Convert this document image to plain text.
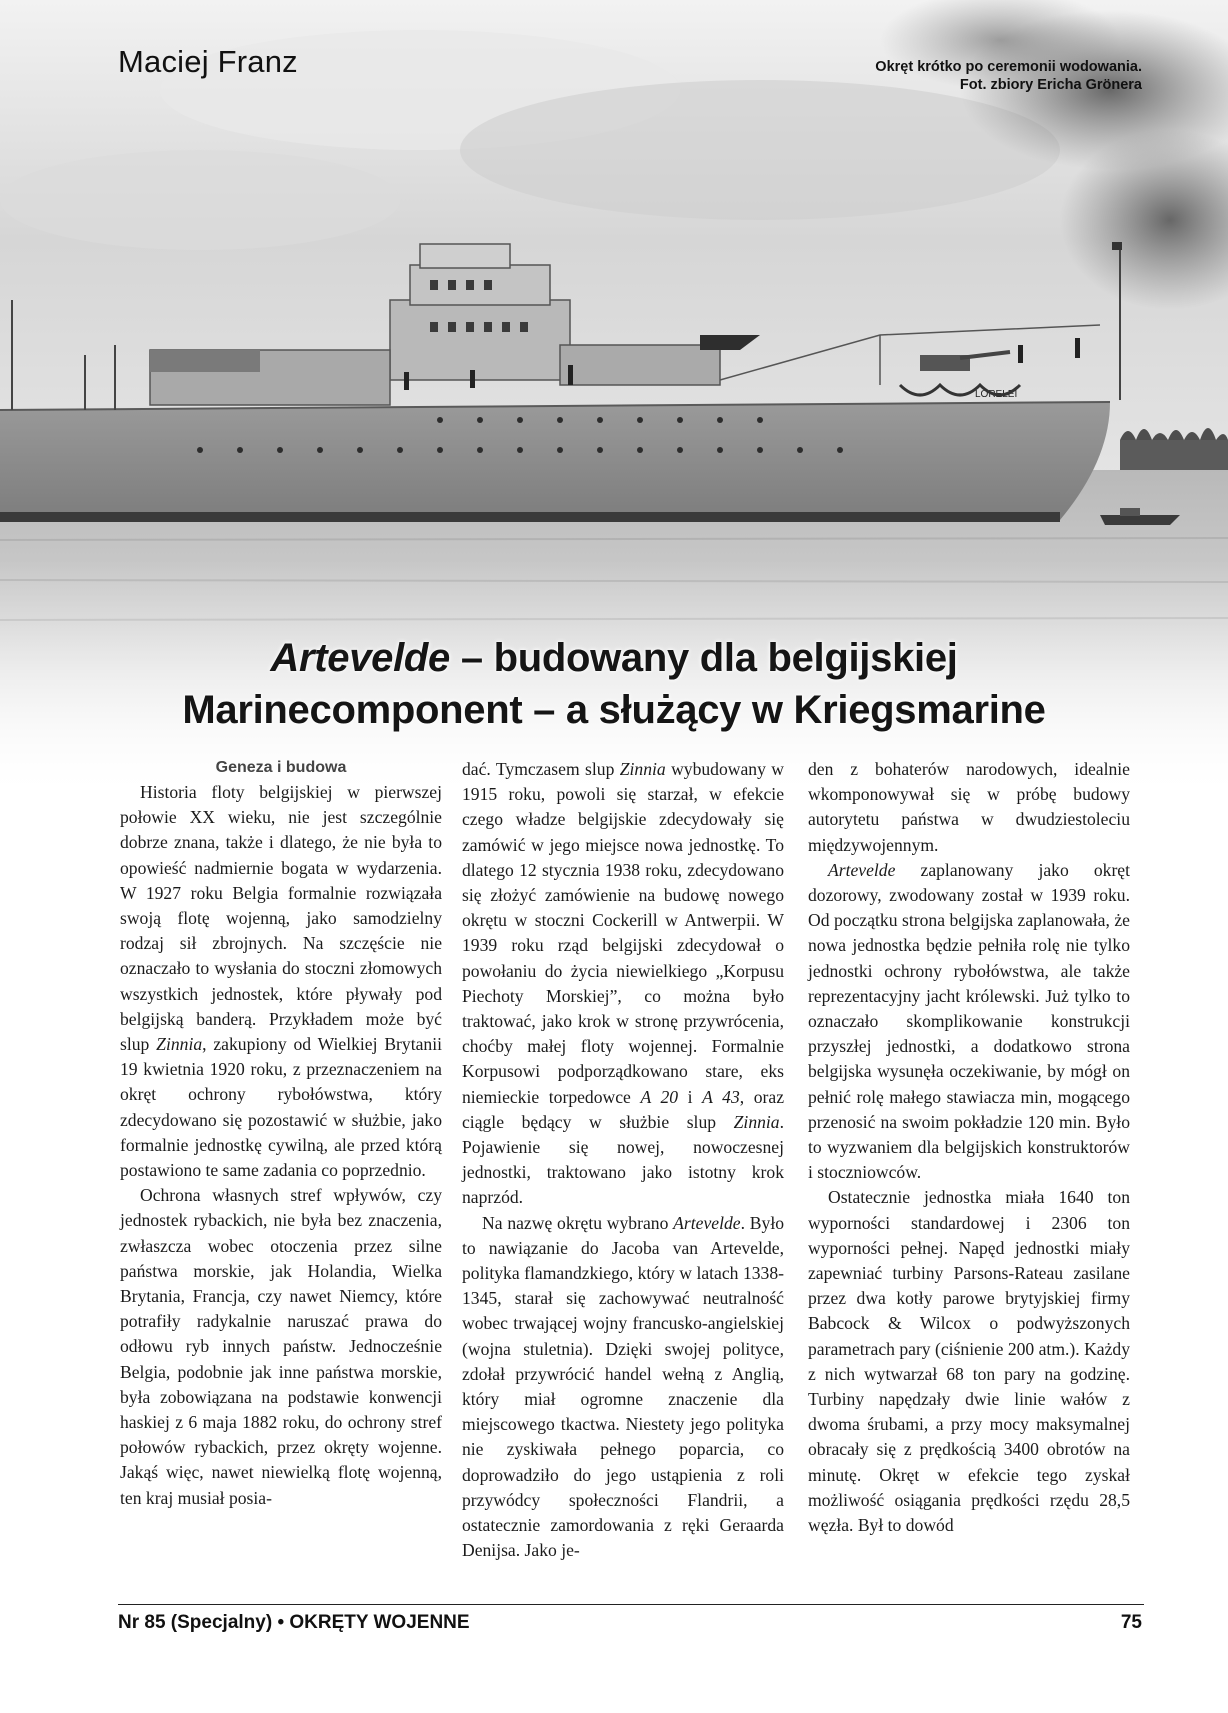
LORELEI
Maciej Franz	Okręt krótko po ceremonii wodowania.
Fot. zbiory Ericha Grönera
Artevelde – budowany dla belgijskiej
Marinecomponent – a służący w Kriegsmarine
Geneza i budowa

Historia floty belgijskiej w pierwszej połowie XX wieku, nie jest szczególnie dobrze znana, także i dlatego, że nie była to opowieść nadmiernie bogata w wydarzenia. W 1927 roku Belgia formalnie rozwiązała swoją flotę wojenną, jako samodzielny rodzaj sił zbrojnych. Na szczęście nie oznaczało to wysłania do stoczni złomowych wszystkich jednostek, które pływały pod belgijską banderą. Przykładem może być slup Zinnia, zakupiony od Wielkiej Brytanii 19 kwietnia 1920 roku, z przeznaczeniem na okręt ochrony rybołówstwa, który zdecydowano się pozostawić w służbie, jako formalnie jednostkę cywilną, ale przed którą postawiono te same zadania co poprzednio.

Ochrona własnych stref wpływów, czy jednostek rybackich, nie była bez znaczenia, zwłaszcza wobec otoczenia przez silne państwa morskie, jak Holandia, Wielka Brytania, Francja, czy nawet Niemcy, które potrafiły radykalnie naruszać prawa do odłowu ryb innych państw. Jednocześnie Belgia, podobnie jak inne państwa morskie, była zobowiązana na podstawie konwencji haskiej z 6 maja 1882 roku, do ochrony stref połowów rybackich, przez okręty wojenne. Jakąś więc, nawet niewielką flotę wojenną, ten kraj musiał posia-

dać. Tymczasem slup Zinnia wybudowany w 1915 roku, powoli się starzał, w efekcie czego władze belgijskie zdecydowały się zamówić w jego miejsce nowa jednostkę. To dlatego 12 stycznia 1938 roku, zdecydowano się złożyć zamówienie na budowę nowego okrętu w stoczni Cockerill w Antwerpii. W 1939 roku rząd belgijski zdecydował o powołaniu do życia niewielkiego „Korpusu Piechoty Morskiej”, co można było traktować, jako krok w stronę przywrócenia, choćby małej floty wojennej. Formalnie Korpusowi podporządkowano stare, eks niemieckie torpedowce A 20 i A 43, oraz ciągle będący w służbie slup Zinnia. Pojawienie się nowej, nowoczesnej jednostki, traktowano jako istotny krok naprzód.

Na nazwę okrętu wybrano Artevelde. Było to nawiązanie do Jacoba van Artevelde, polityka flamandzkiego, który w latach 1338-1345, starał się zachowywać neutralność wobec trwającej wojny francusko-angielskiej (wojna stuletnia). Dzięki swojej polityce, zdołał przywrócić handel wełną z Anglią, który miał ogromne znaczenie dla miejscowego tkactwa. Niestety jego polityka nie zyskiwała pełnego poparcia, co doprowadziło do jego ustąpienia z roli przywódcy społeczności Flandrii, a ostatecznie zamordowania z ręki Geraarda Denijsa. Jako je-

den z bohaterów narodowych, idealnie wkomponowywał się w próbę budowy autorytetu państwa w dwudziestoleciu międzywojennym.

Artevelde zaplanowany jako okręt dozorowy, zwodowany został w 1939 roku. Od początku strona belgijska zaplanowała, że nowa jednostka będzie pełniła rolę nie tylko jednostki ochrony rybołówstwa, ale także reprezentacyjny jacht królewski. Już tylko to oznaczało skomplikowanie konstrukcji przyszłej jednostki, a dodatkowo strona belgijska wysunęła oczekiwanie, by mógł on pełnić rolę małego stawiacza min, mogącego przenosić na swoim pokładzie 120 min. Było to wyzwaniem dla belgijskich konstruktorów i stoczniowców.

Ostatecznie jednostka miała 1640 ton wyporności standardowej i 2306 ton wyporności pełnej. Napęd jednostki miały zapewniać turbiny Parsons-Rateau zasilane przez dwa kotły parowe brytyjskiej firmy Babcock & Wilcox o podwyższonych parametrach pary (ciśnienie 200 atm.). Każdy z nich wytwarzał 68 ton pary na godzinę. Turbiny napędzały dwie linie wałów z dwoma śrubami, a przy mocy maksymalnej obracały się z prędkością 3400 obrotów na minutę. Okręt w efekcie tego zyskał możliwość osiągania prędkości rzędu 28,5 węzła. Był to dowód

Nr 85 (Specjalny) • OKRĘTY WOJENNE	75
